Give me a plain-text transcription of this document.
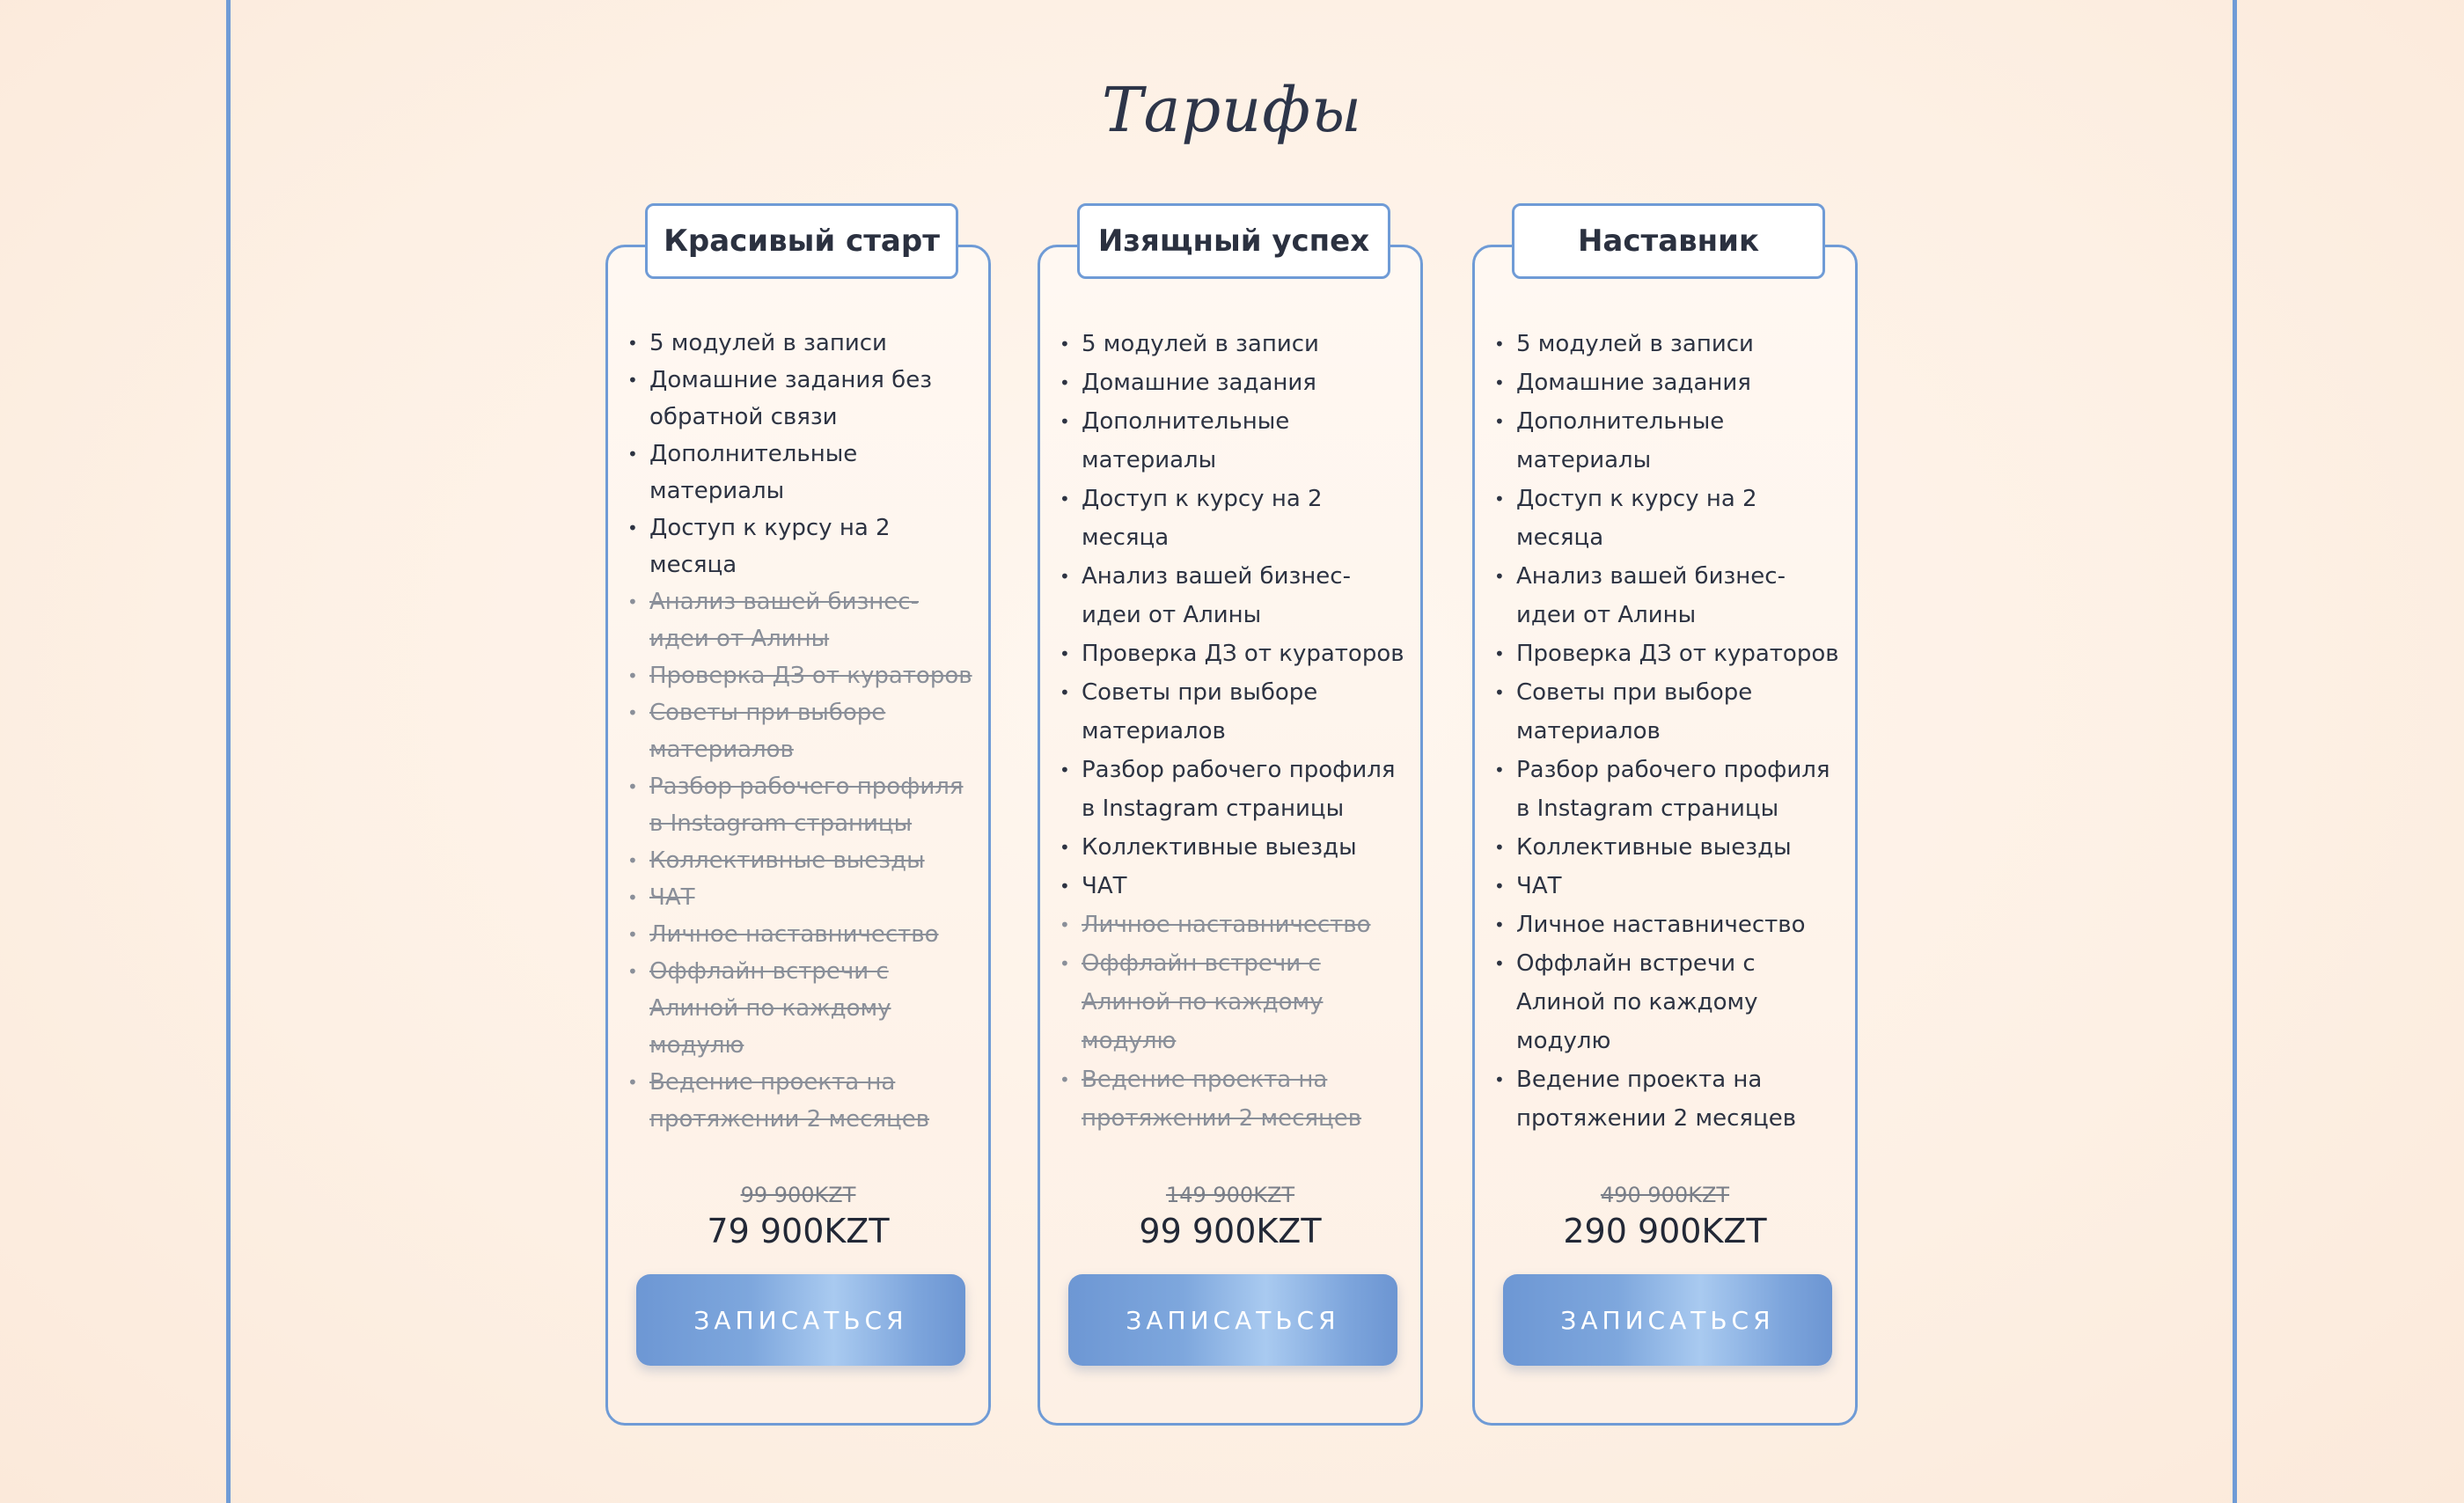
Тарифы
Красивый старт
• 5 модулей в записи
• Домашние задания без обратной связи
• Дополнительные материалы
• Доступ к курсу на 2 месяца
• Анализ вашей бизнес-идеи от Алины
• Проверка ДЗ от кураторов
• Советы при выборе материалов
• Разбор рабочего профиля в Instagram страницы
• Коллективные выезды
• ЧАТ
• Личное наставничество
• Оффлайн встречи с Алиной по каждому модулю
• Ведение проекта на протяжении 2 месяцев
99 900KZT
79 900KZT
ЗАПИСАТЬСЯ
Изящный успех
• 5 модулей в записи
• Домашние задания
• Дополнительные материалы
• Доступ к курсу на 2 месяца
• Анализ вашей бизнес-идеи от Алины
• Проверка ДЗ от кураторов
• Советы при выборе материалов
• Разбор рабочего профиля в Instagram страницы
• Коллективные выезды
• ЧАТ
• Личное наставничество
• Оффлайн встречи с Алиной по каждому модулю
• Ведение проекта на протяжении 2 месяцев
149 900KZT
99 900KZT
ЗАПИСАТЬСЯ
Наставник
• 5 модулей в записи
• Домашние задания
• Дополнительные материалы
• Доступ к курсу на 2 месяца
• Анализ вашей бизнес-идеи от Алины
• Проверка ДЗ от кураторов
• Советы при выборе материалов
• Разбор рабочего профиля в Instagram страницы
• Коллективные выезды
• ЧАТ
• Личное наставничество
• Оффлайн встречи с Алиной по каждому модулю
• Ведение проекта на протяжении 2 месяцев
490 900KZT
290 900KZT
ЗАПИСАТЬСЯ
